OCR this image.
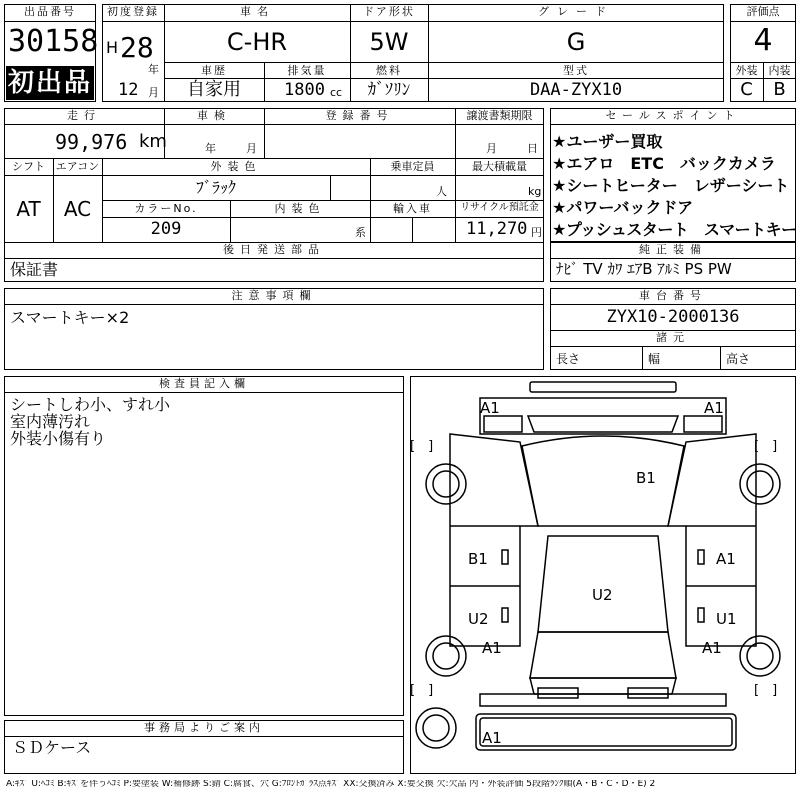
出品番号
30158
初出品
初度登録
H 28
年
12 月
車名
C-HR
ドア形状
5W
グレード
G
車歴
自家用
排気量
1800 cc
燃料
ｶﾞｿﾘﾝ
型式
DAA-ZYX10
評価点
4
外装	内装
C	B
走行
99,976 km
車検
年	月
登録番号	譲渡書類期限
月	日
シフト
AT
エアコン
AC
外装色
ﾌﾞﾗｯｸ
乗車定員
人
最大積載量
kg
カラーNo.
209
内装色
系
輸入車	リサイクル預託金
11,270 円
後日発送部品
保証書
セールスポイント
★ユーザー買取
★エアロ　ETC　バックカメラ
★シートヒーター　レザーシート
★パワーバックドア
★プッシュスタート　スマートキー
純正装備
ﾅﾋﾞ TV ｶﾜ ｴｱB ｱﾙﾐ PS PW
注意事項欄
スマートキー×2
車台番号
ZYX10-2000136
諸元
長さ	幅	高さ
検査員記入欄
シートしわ小、すれ小
室内薄汚れ
外装小傷有り
事務局よりご案内
ＳＤケース
A1	A1
[　]	[　]
B1
B1	A1
U2
U2	U1
A1	A1
[　]	[　]
A1
A:ｷｽﾞ U:ﾍｺﾐ B:ｷｽﾞを伴うﾍｺﾐ P:要塗装 W:補修跡 S:錆 C:腐食、穴 G:ﾌﾛﾝﾄｶﾞﾗｽ点ｷｽﾞ XX:交換済み X:要交換 欠:欠品 内・外装評価 5段階ﾗﾝｸ順(A・B・C・D・E) 2
